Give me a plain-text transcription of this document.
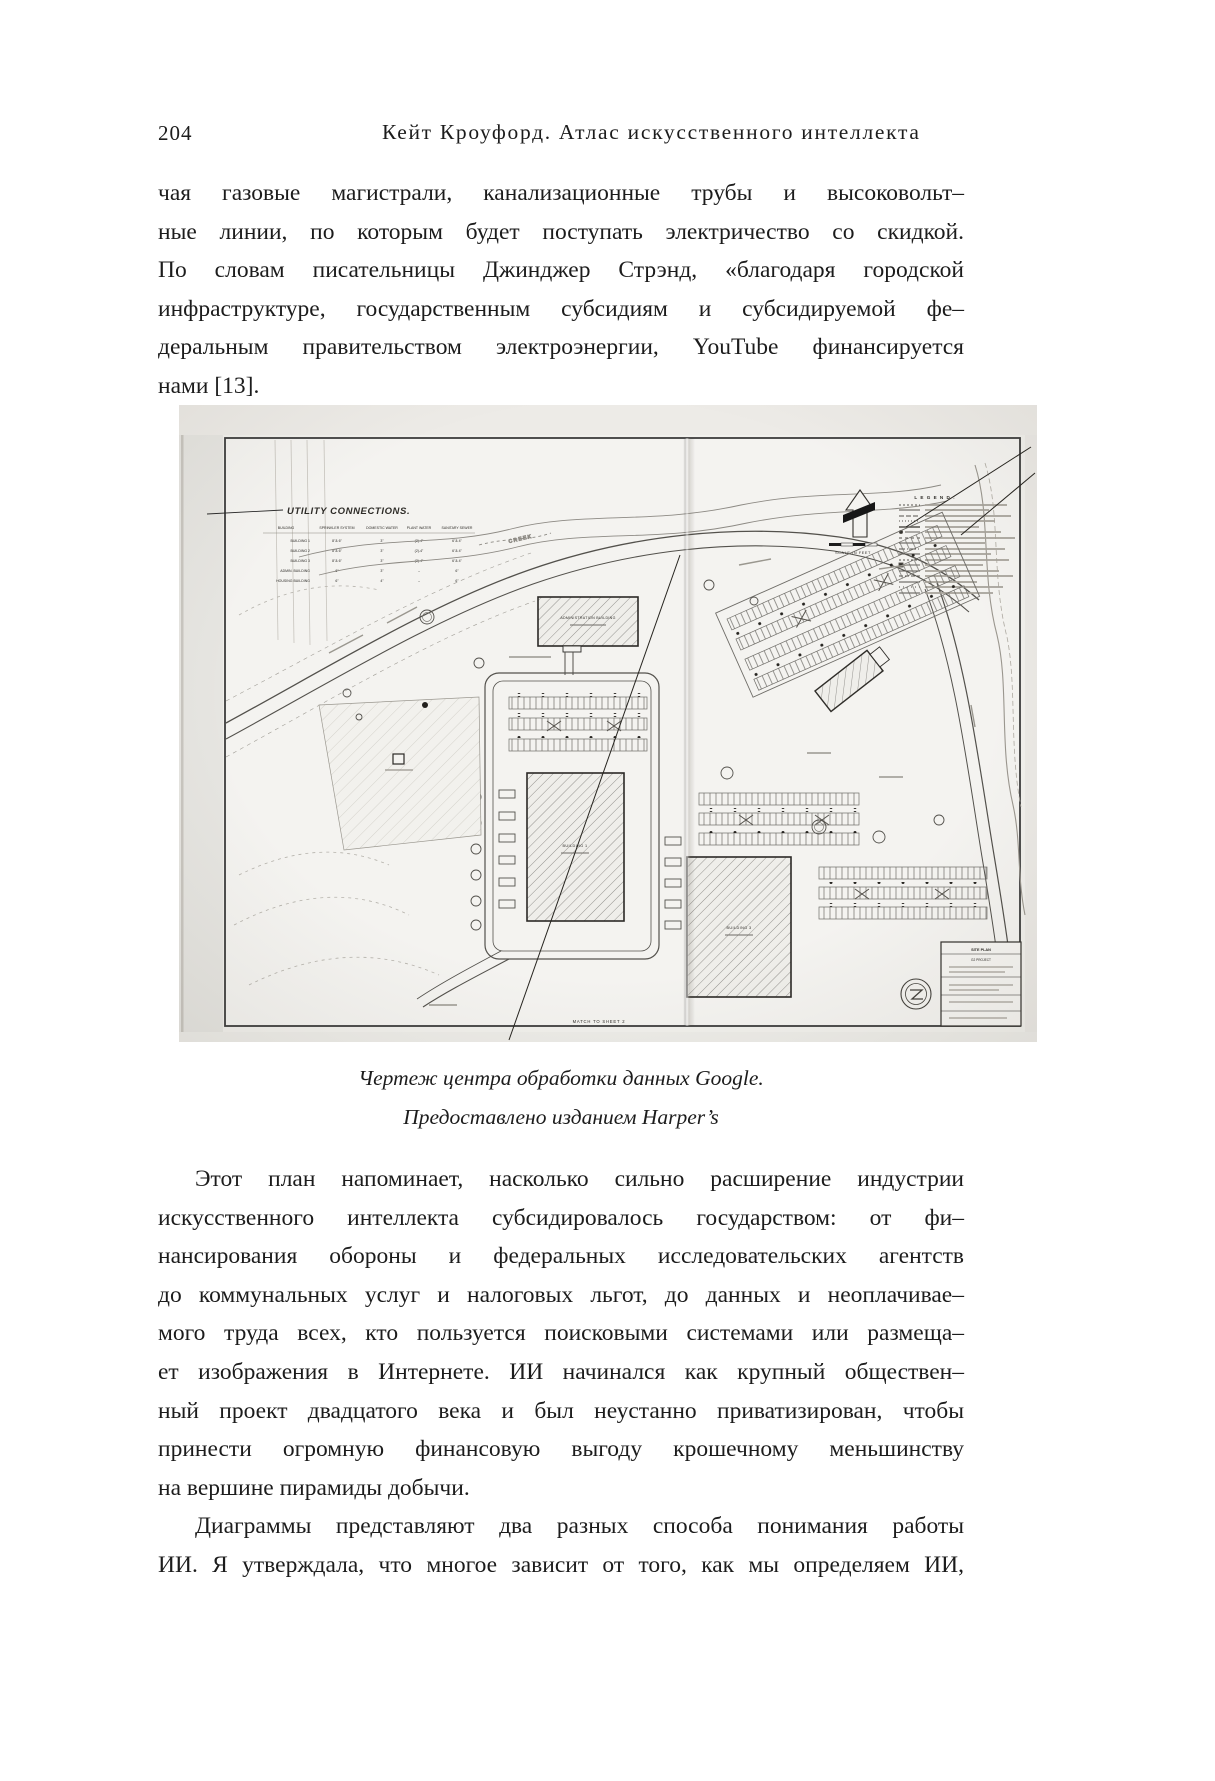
204	Кейт Кроуфорд. Атлас искусственного интеллекта
чая газовые магистрали, канализационные трубы и высоковольт–
ные линии, по которым будет поступать электричество со скидкой.
По словам писательницы Джинджер Стрэнд, «благодаря городской
инфраструктуре, государственным субсидиям и субсидируемой фе–
деральным правительством электроэнергии, YouTube финансируется
нами [13].
Чертеж центра обработки данных Google.
Предоставлено изданием Harper’s
Этот план напоминает, насколько сильно расширение индустрии
искусственного интеллекта субсидировалось государством: от фи–
нансирования обороны и федеральных исследовательских агентств
до коммунальных услуг и налоговых льгот, до данных и неоплачивае–
мого труда всех, кто пользуется поисковыми системами или размеща–
ет изображения в Интернете. ИИ начинался как крупный обществен–
ный проект двадцатого века и был неустанно приватизирован, чтобы
принести огромную финансовую выгоду крошечному меньшинству
на вершине пирамиды добычи.
Диаграммы представляют два разных способа понимания работы
ИИ. Я утверждала, что многое зависит от того, как мы определяем ИИ,
